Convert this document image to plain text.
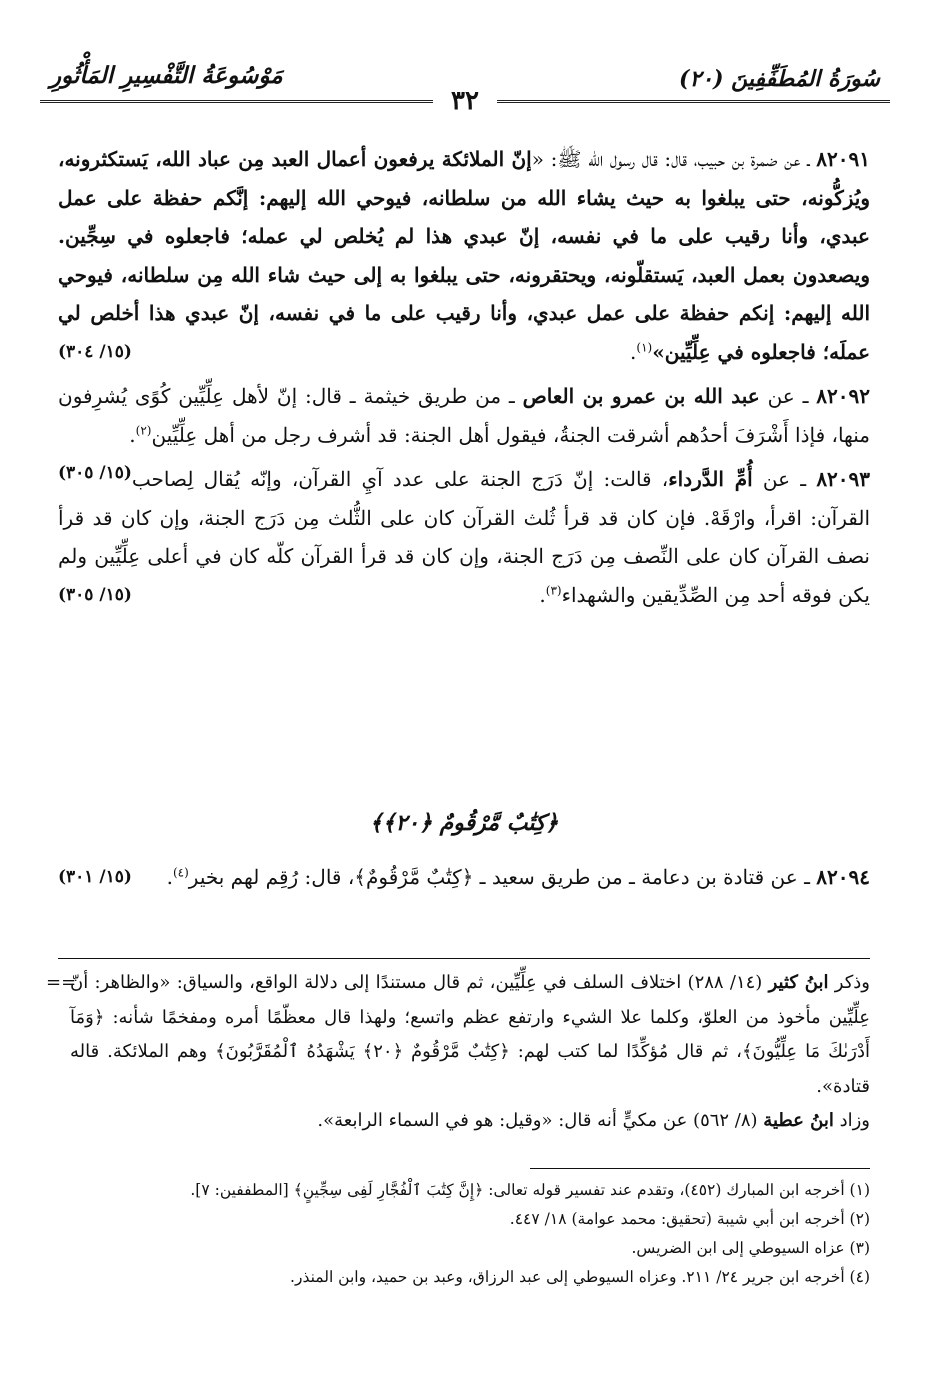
سُورَةُ المُطَفِّفِينَ (٢٠)
٣٢
مَوْسُوعَةُ التَّفْسِيرِ المَأْثُورِ

٨٢٠٩١ ـ عن ضمرة بن حبيب، قال: قال رسول الله ﷺ: «إنّ الملائكة يرفعون أعمال العبد مِن عباد الله، يَستكثرونه، ويُزكُّونه، حتى يبلغوا به حيث يشاء الله من سلطانه، فيوحي الله إليهم: إنَّكم حفظة على عمل عبدي، وأنا رقيب على ما في نفسه، إنّ عبدي هذا لم يُخلص لي عمله؛ فاجعلوه في سِجِّين. ويصعدون بعمل العبد، يَستقلّونه، ويحتقرونه، حتى يبلغوا به إلى حيث شاء الله مِن سلطانه، فيوحي الله إليهم: إنكم حفظة على عمل عبدي، وأنا رقيب على ما في نفسه، إنّ عبدي هذا أخلص لي عملَه؛ فاجعلوه في عِلِّيِّين»$^{(١)}$.
(١٥/ ٣٠٤)

٨٢٠٩٢ ـ عن عبد الله بن عمرو بن العاص ـ من طريق خيثمة ـ قال: إنّ لأهل عِلِّيِّين كُوًى يُشرِفون منها، فإذا أَشْرَفَ أحدُهم أشرقت الجنةُ، فيقول أهل الجنة: قد أشرف رجل من أهل عِلِّيِّين$^{(٢)}$.
(١٥/ ٣٠٥)	٨٢٠٩٣ ـ عن أُمِّ الدَّرداء، قالت: إنّ دَرَج الجنة على عدد آيِ القرآن، وإنّه يُقال لِصاحب القرآن: اقرأ، وارْقَهْ. فإن كان قد قرأ ثُلث القرآن كان على الثُّلث مِن دَرَج الجنة، وإن كان قد قرأ نصف القرآن كان على النِّصف مِن دَرَج الجنة، وإن كان قد قرأ القرآن كلّه كان في أعلى عِلِّيِّين ولم يكن فوقه أحد مِن الصِّدِّيقين والشهداء$^{(٣)}$.
(١٥/ ٣٠٥)

﴿كِتَٰبٌ مَّرْقُومٌ ﴿٢٠﴾﴾

٨٢٠٩٤ ـ عن قتادة بن دعامة ـ من طريق سعيد ـ ﴿كِتَٰبٌ مَّرْقُومٌ﴾، قال: رُقِم لهم بخير$^{(٤)}$.
(١٥/ ٣٠١)

==	وذكر ابنُ كثير (١٤/ ٢٨٨) اختلاف السلف في عِلِّيِّين، ثم قال مستندًا إلى دلالة الواقع، والسياق: «والظاهر: أنّ عِلِّيِّين مأخوذ من العلوّ، وكلما علا الشيء وارتفع عظم واتسع؛ ولهذا قال معظّمًا أمره ومفخمًا شأنه: ﴿وَمَآ أَدْرَىٰكَ مَا عِلِّيُّونَ﴾، ثم قال مُؤكِّدًا لما كتب لهم: ﴿كِتَٰبٌ مَّرْقُومٌ ﴿٢٠﴾ يَشْهَدُهُ ٱلْمُقَرَّبُونَ﴾ وهم الملائكة. قاله قتادة».

وزاد ابنُ عطية (٨/ ٥٦٢) عن مكيٍّ أنه قال: «وقيل: هو في السماء الرابعة».

(١) أخرجه ابن المبارك (٤٥٢)، وتقدم عند تفسير قوله تعالى: ﴿إِنَّ كِتَٰبَ ٱلْفُجَّارِ لَفِى سِجِّينٍ﴾ [المطففين: ٧].

(٢) أخرجه ابن أبي شيبة (تحقيق: محمد عوامة) ١٨/ ٤٤٧.

(٣) عزاه السيوطي إلى ابن الضريس.

(٤) أخرجه ابن جرير ٢٤/ ٢١١. وعزاه السيوطي إلى عبد الرزاق، وعبد بن حميد، وابن المنذر.
